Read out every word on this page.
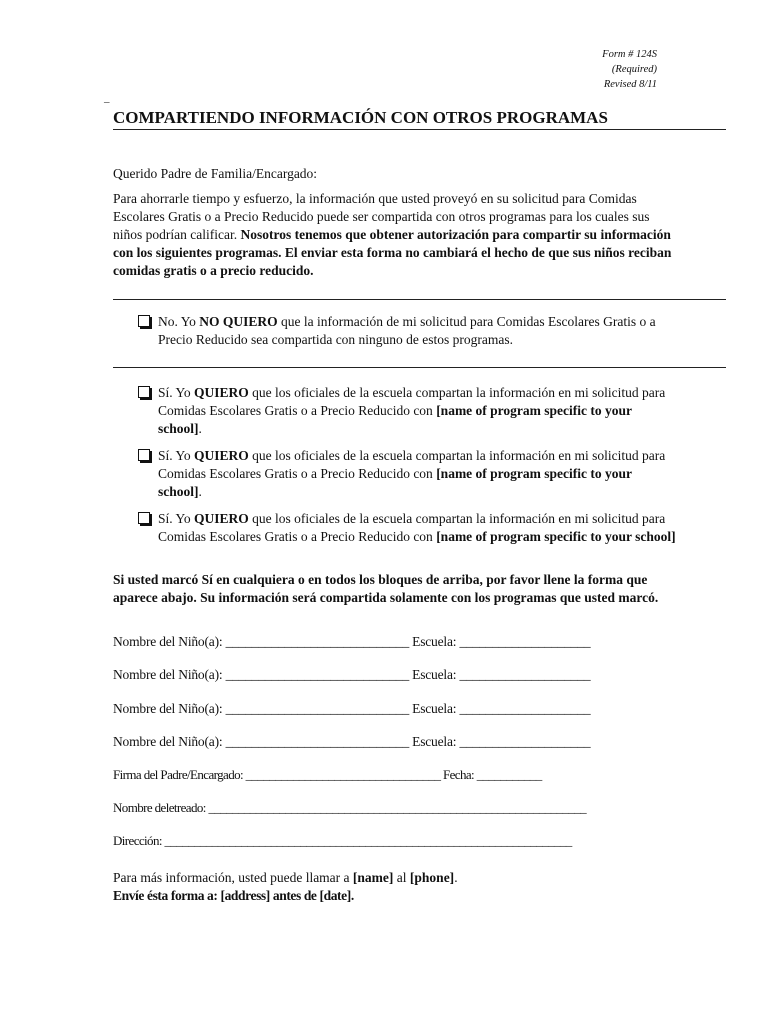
Form # 124S
(Required)
Revised 8/11
–
COMPARTIENDO INFORMACIÓN CON OTROS PROGRAMAS
Querido Padre de Familia/Encargado:
Para ahorrarle tiempo y esfuerzo, la información que usted proveyó en su solicitud para Comidas Escolares Gratis o a Precio Reducido puede ser compartida con otros programas para los cuales sus niños podrían calificar. Nosotros tenemos que obtener autorización para compartir su información con los siguientes programas. El enviar esta forma no cambiará el hecho de que sus niños reciban comidas gratis o a precio reducido.
No. Yo NO QUIERO que la información de mi solicitud para Comidas Escolares Gratis o a Precio Reducido sea compartida con ninguno de estos programas.
Sí. Yo QUIERO que los oficiales de la escuela compartan la información en mi solicitud para Comidas Escolares Gratis o a Precio Reducido con [name of program specific to your school].
Sí. Yo QUIERO que los oficiales de la escuela compartan la información en mi solicitud para Comidas Escolares Gratis o a Precio Reducido con [name of program specific to your school].
Sí. Yo QUIERO que los oficiales de la escuela compartan la información en mi solicitud para Comidas Escolares Gratis o a Precio Reducido con [name of program specific to your school]
Si usted marcó Sí en cualquiera o en todos los bloques de arriba, por favor llene la forma que aparece abajo. Su información será compartida solamente con los programas que usted marcó.
Nombre del Niño(a): ____________________________ Escuela: ____________________
Nombre del Niño(a): ____________________________ Escuela: ____________________
Nombre del Niño(a): ____________________________ Escuela: ____________________
Nombre del Niño(a): ____________________________ Escuela: ____________________
Firma del Padre/Encargado: _________________________________ Fecha: ___________
Nombre deletreado: ________________________________________________________________
Dirección: _____________________________________________________________________
Para más información, usted puede llamar a [name] al [phone].
Envíe ésta forma a: [address] antes de [date].
